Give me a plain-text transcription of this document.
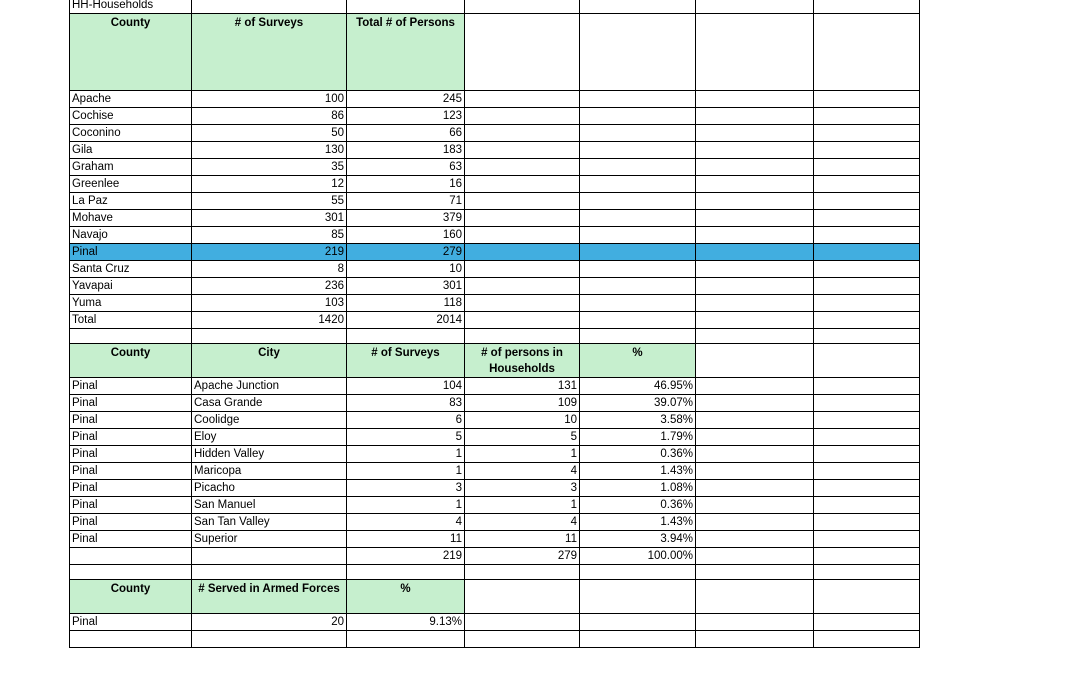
HH-Households						
County	# of Surveys	Total # of Persons				
Apache	100	245				
Cochise	86	123				
Coconino	50	66				
Gila	130	183				
Graham	35	63				
Greenlee	12	16				
La Paz	55	71				
Mohave	301	379				
Navajo	85	160				
Pinal	219	279				
Santa Cruz	8	10				
Yavapai	236	301				
Yuma	103	118				
Total	1420	2014				

County	City	# of Surveys	# of persons in Households	%		
Pinal	Apache Junction	104	131	46.95%		
Pinal	Casa Grande	83	109	39.07%		
Pinal	Coolidge	6	10	3.58%		
Pinal	Eloy	5	5	1.79%		
Pinal	Hidden Valley	1	1	0.36%		
Pinal	Maricopa	1	4	1.43%		
Pinal	Picacho	3	3	1.08%		
Pinal	San Manuel	1	1	0.36%		
Pinal	San Tan Valley	4	4	1.43%		
Pinal	Superior	11	11	3.94%		
		219	279	100.00%		

County	# Served in Armed Forces	%				
Pinal	20	9.13%				
